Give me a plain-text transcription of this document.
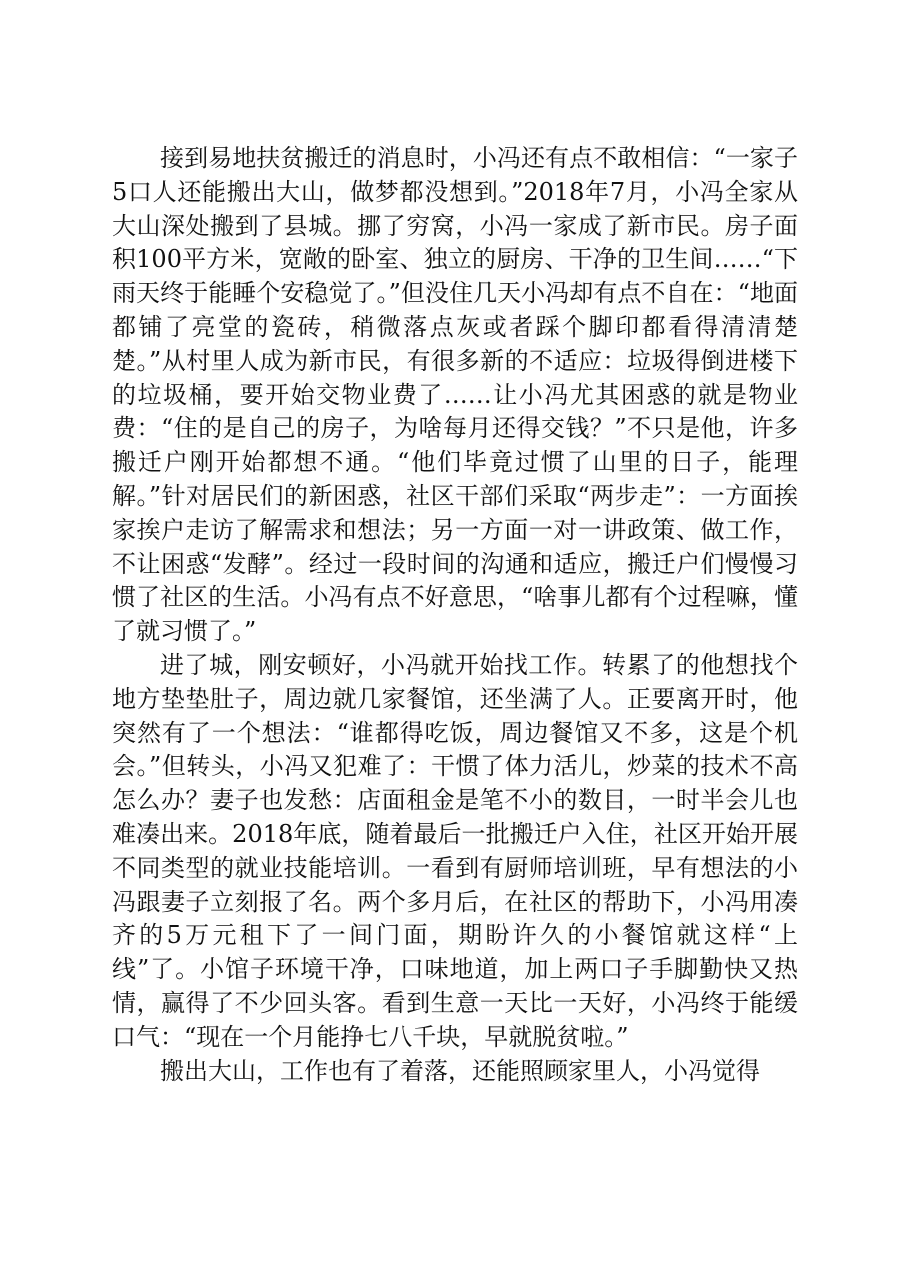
接到易地扶贫搬迁的消息时，小冯还有点不敢相信：“一家子5口人还能搬出大山，做梦都没想到。”2018年7月，小冯全家从大山深处搬到了县城。挪了穷窝，小冯一家成了新市民。房子面积100平方米，宽敞的卧室、独立的厨房、干净的卫生间……“下雨天终于能睡个安稳觉了。”但没住几天小冯却有点不自在：“地面都铺了亮堂的瓷砖，稍微落点灰或者踩个脚印都看得清清楚楚。”从村里人成为新市民，有很多新的不适应：垃圾得倒进楼下的垃圾桶，要开始交物业费了……让小冯尤其困惑的就是物业费：“住的是自己的房子，为啥每月还得交钱？”不只是他，许多搬迁户刚开始都想不通。“他们毕竟过惯了山里的日子，能理解。”针对居民们的新困惑，社区干部们采取“两步走”：一方面挨家挨户走访了解需求和想法；另一方面一对一讲政策、做工作，不让困惑“发酵”。经过一段时间的沟通和适应，搬迁户们慢慢习惯了社区的生活。小冯有点不好意思，“啥事儿都有个过程嘛，懂了就习惯了。”

进了城，刚安顿好，小冯就开始找工作。转累了的他想找个地方垫垫肚子，周边就几家餐馆，还坐满了人。正要离开时，他突然有了一个想法：“谁都得吃饭，周边餐馆又不多，这是个机会。”但转头，小冯又犯难了：干惯了体力活儿，炒菜的技术不高怎么办？妻子也发愁：店面租金是笔不小的数目，一时半会儿也难凑出来。2018年底，随着最后一批搬迁户入住，社区开始开展不同类型的就业技能培训。一看到有厨师培训班，早有想法的小冯跟妻子立刻报了名。两个多月后，在社区的帮助下，小冯用凑齐的5万元租下了一间门面，期盼许久的小餐馆就这样“上线”了。小馆子环境干净，口味地道，加上两口子手脚勤快又热情，赢得了不少回头客。看到生意一天比一天好，小冯终于能缓口气：“现在一个月能挣七八千块，早就脱贫啦。”

搬出大山，工作也有了着落，还能照顾家里人，小冯觉得
